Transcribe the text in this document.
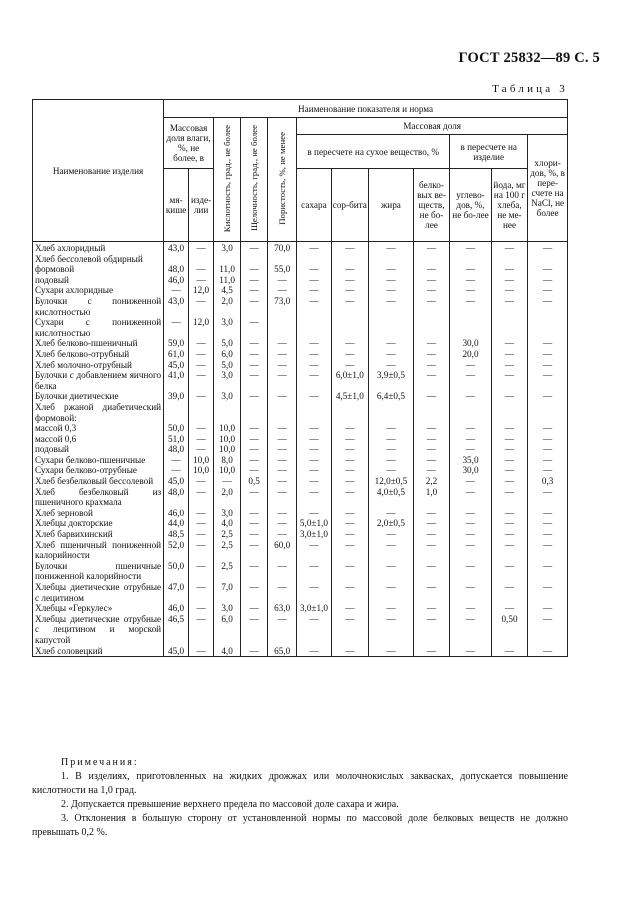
ГОСТ 25832—89 С. 5
Таблица 3
Наименование изделия	Наименование показателя и норма											
	Массовая доля влаги, %, не более, в		Кислотность, град., не более	Щелочность, град., не более	Пористость, %, не менее	Массовая доля						
						в пересчете на сухое вещество, %				в пересчете на изделие		хлори-дов, %, в пере-счете на NaCl, не более
	мя-кише	изде-лии				сахара	сор-бита	жира	белко-вых ве-ществ, не бо-лее	углево-дов, %, не бо-лее	йода, мг на 100 г хлеба, не ме-нее	
Хлеб ахлоридный	43,0	—	3,0	—	70,0	—	—	—	—	—	—	—
Хлеб бессолевой обдирный												
формовой	48,0	—	11,0	—	55,0	—	—	—	—	—	—	—
подовый	46,0	—	11,0	—	—	—	—	—	—	—	—	—
Сухари ахлоридные	—	12,0	4,5	—	—	—	—	—	—	—	—	—
Булочки с пониженной кислотностью	43,0	—	2,0	—	73,0	—	—	—	—	—	—	—
Сухари с пониженной кислотностью	—	12,0	3,0	—								
Хлеб белково-пшеничный	59,0	—	5,0	—	—	—	—	—	—	30,0	—	—
Хлеб белково-отрубный	61,0	—	6,0	—	—	—	—	—	—	20,0	—	—
Хлеб молочно-отрубный	45,0	—	5,0	—	—	—	—	—	—	—	—	—
Булочки с добавлением яичного белка	41,0	—	3,0	—	—	—	6,0±1,0	3,9±0,5	—	—	—	—
Булочки диетические	39,0	—	3,0	—	—	—	4,5±1,0	6,4±0,5	—	—	—	—
Хлеб ржаной диабетический формовой:												
массой 0,3	50,0	—	10,0	—	—	—	—	—	—	—	—	—
массой 0,6	51,0	—	10,0	—	—	—	—	—	—	—	—	—
подовый	48,0	—	10,0	—	—	—	—	—	—	—	—	—
Сухари белково-пшеничные	—	10,0	8,0	—	—	—	—	—	—	35,0	—	—
Сухари белково-отрубные	—	10,0	10,0	—	—	—	—	—	—	30,0	—	—
Хлеб безбелковый бессолевой	45,0	—	—	0,5	—	—	—	12,0±0,5	2,2	—	—	0,3
Хлеб безбелковый из пшеничного крахмала	48,0	—	2,0	—	—	—	—	4,0±0,5	1,0	—	—	—
Хлеб зерновой	46,0	—	3,0	—	—	—	—	—	—	—	—	—
Хлебцы докторские	44,0	—	4,0	—	—	5,0±1,0	—	2,0±0,5	—	—	—	—
Хлеб барвихинский	48,5	—	2,5	—	—	3,0±1,0	—	—	—	—	—	—
Хлеб пшеничный пониженной калорийности	52,0	—	2,5	—	60,0	—	—	—	—	—	—	—
Булочки пшеничные пониженной калорийности	50,0	—	2,5	—	—	—	—	—	—	—	—	—
Хлебцы диетические отрубные с лецитином	47,0	—	7,0	—	—	—	—	—	—	—	—	—
Хлебцы «Геркулес»	46,0	—	3,0	—	63,0	3,0±1,0	—	—	—	—	—	—
Хлебцы диетические отрубные с лецитином и морской капустой	46,5	—	6,0	—	—	—	—	—	—	—	0,50	—
Хлеб соловецкий	45,0	—	4,0	—	65,0	—	—	—	—	—	—	—
Примечания:
1. В изделиях, приготовленных на жидких дрожжах или молочнокислых заквасках, допускается повышение кислотности на 1,0 град.
2. Допускается превышение верхнего предела по массовой доле сахара и жира.
3. Отклонения в большую сторону от установленной нормы по массовой доле белковых веществ не должно превышать 0,2 %.
